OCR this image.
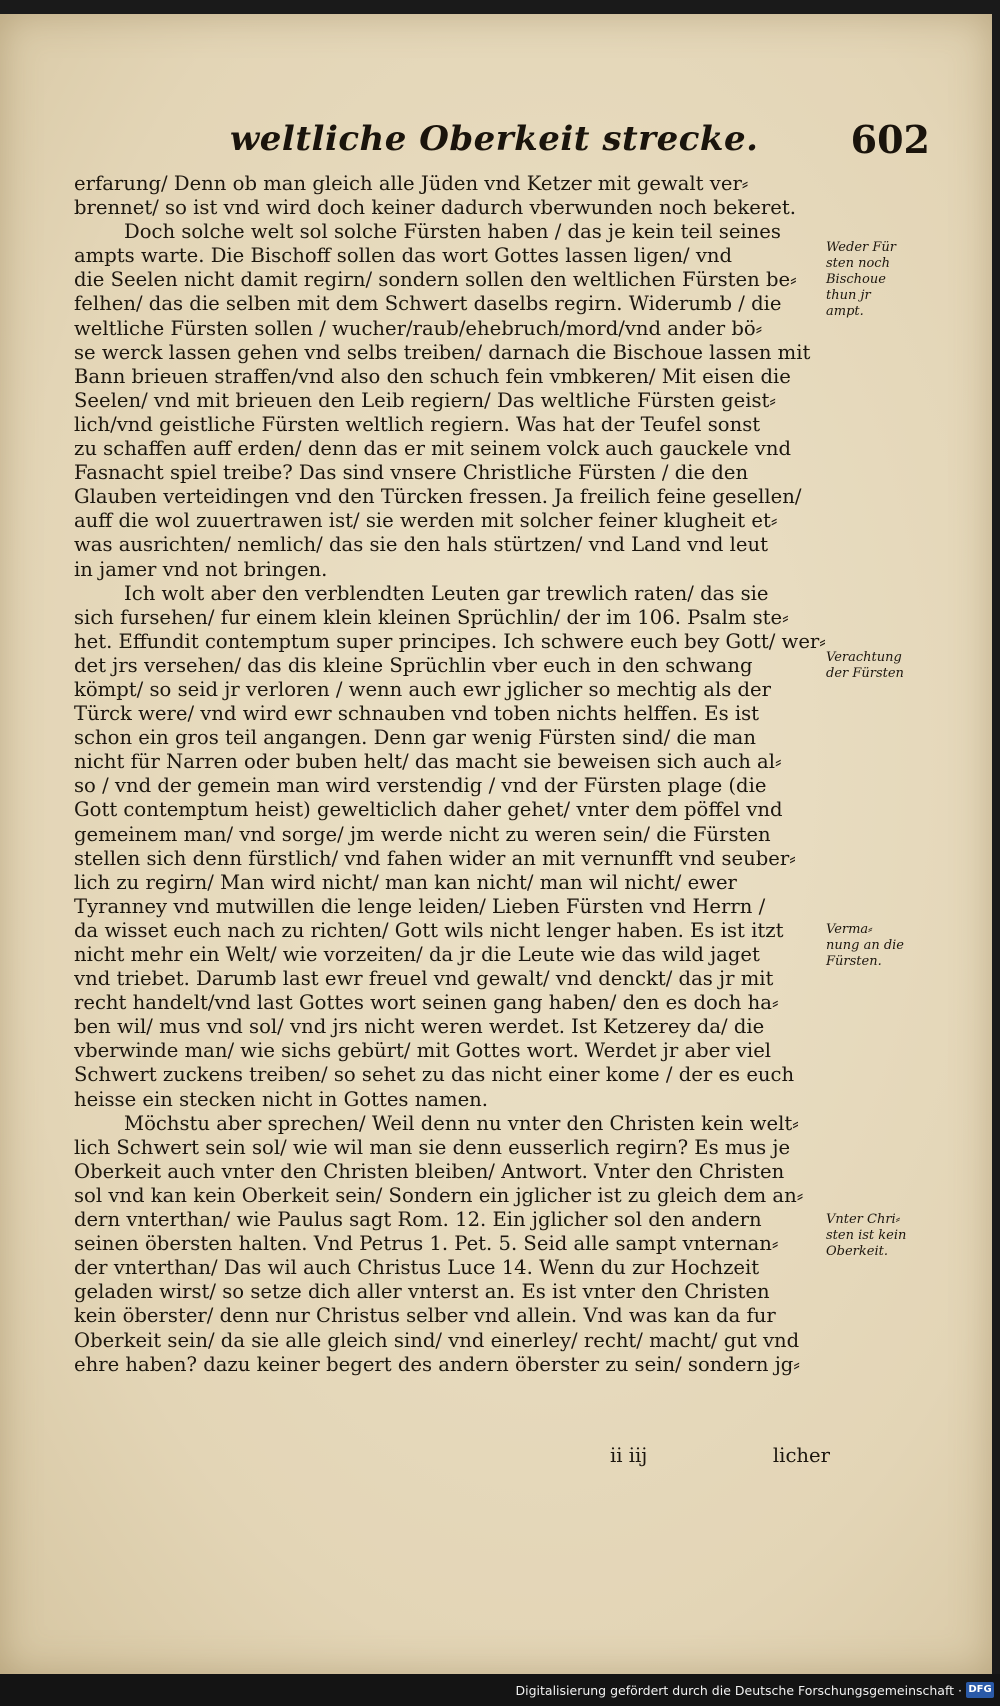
weltliche Oberkeit strecke. 602
erfarung/ Denn ob man gleich alle Jüden vnd Ketzer mit gewalt ver⸗
brennet/ so ist vnd wird doch keiner dadurch vberwunden noch bekeret.
Doch solche welt sol solche Fürsten haben / das je kein teil seines
ampts warte. Die Bischoff sollen das wort Gottes lassen ligen/ vnd
die Seelen nicht damit regirn/ sondern sollen den weltlichen Fürsten be⸗
felhen/ das die selben mit dem Schwert daselbs regirn. Widerumb / die
weltliche Fürsten sollen / wucher/raub/ehebruch/mord/vnd ander bö⸗
se werck lassen gehen vnd selbs treiben/ darnach die Bischoue lassen mit
Bann brieuen straffen/vnd also den schuch fein vmbkeren/ Mit eisen die
Seelen/ vnd mit brieuen den Leib regiern/ Das weltliche Fürsten geist⸗
lich/vnd geistliche Fürsten weltlich regiern. Was hat der Teufel sonst
zu schaffen auff erden/ denn das er mit seinem volck auch gauckele vnd
Fasnacht spiel treibe? Das sind vnsere Christliche Fürsten / die den
Glauben verteidingen vnd den Türcken fressen. Ja freilich feine gesellen/
auff die wol zuuertrawen ist/ sie werden mit solcher feiner klugheit et⸗
was ausrichten/ nemlich/ das sie den hals stürtzen/ vnd Land vnd leut
in jamer vnd not bringen.
Ich wolt aber den verblendten Leuten gar trewlich raten/ das sie
sich fursehen/ fur einem klein kleinen Sprüchlin/ der im 106. Psalm ste⸗
het. Effundit contemptum super principes. Ich schwere euch bey Gott/ wer⸗
det jrs versehen/ das dis kleine Sprüchlin vber euch in den schwang
kömpt/ so seid jr verloren / wenn auch ewr jglicher so mechtig als der
Türck were/ vnd wird ewr schnauben vnd toben nichts helffen. Es ist
schon ein gros teil angangen. Denn gar wenig Fürsten sind/ die man
nicht für Narren oder buben helt/ das macht sie beweisen sich auch al⸗
so / vnd der gemein man wird verstendig / vnd der Fürsten plage (die
Gott contemptum heist) gewelticlich daher gehet/ vnter dem pöffel vnd
gemeinem man/ vnd sorge/ jm werde nicht zu weren sein/ die Fürsten
stellen sich denn fürstlich/ vnd fahen wider an mit vernunfft vnd seuber⸗
lich zu regirn/ Man wird nicht/ man kan nicht/ man wil nicht/ ewer
Tyranney vnd mutwillen die lenge leiden/ Lieben Fürsten vnd Herrn /
da wisset euch nach zu richten/ Gott wils nicht lenger haben. Es ist itzt
nicht mehr ein Welt/ wie vorzeiten/ da jr die Leute wie das wild jaget
vnd triebet. Darumb last ewr freuel vnd gewalt/ vnd denckt/ das jr mit
recht handelt/vnd last Gottes wort seinen gang haben/ den es doch ha⸗
ben wil/ mus vnd sol/ vnd jrs nicht weren werdet. Ist Ketzerey da/ die
vberwinde man/ wie sichs gebürt/ mit Gottes wort. Werdet jr aber viel
Schwert zuckens treiben/ so sehet zu das nicht einer kome / der es euch
heisse ein stecken nicht in Gottes namen.
Möchstu aber sprechen/ Weil denn nu vnter den Christen kein welt⸗
lich Schwert sein sol/ wie wil man sie denn eusserlich regirn? Es mus je
Oberkeit auch vnter den Christen bleiben/ Antwort. Vnter den Christen
sol vnd kan kein Oberkeit sein/ Sondern ein jglicher ist zu gleich dem an⸗
dern vnterthan/ wie Paulus sagt Rom. 12. Ein jglicher sol den andern
seinen öbersten halten. Vnd Petrus 1. Pet. 5. Seid alle sampt vnternan⸗
der vnterthan/ Das wil auch Christus Luce 14. Wenn du zur Hochzeit
geladen wirst/ so setze dich aller vnterst an. Es ist vnter den Christen
kein öberster/ denn nur Christus selber vnd allein. Vnd was kan da fur
Oberkeit sein/ da sie alle gleich sind/ vnd einerley/ recht/ macht/ gut vnd
ehre haben? dazu keiner begert des andern öberster zu sein/ sondern jg⸗
ii iij	licher
Weder Für
sten noch
Bischoue
thun jr
ampt.
Verachtung
der Fürsten
Verma⸗
nung an die
Fürsten.
Vnter Chri⸗
sten ist kein
Oberkeit.
Digitalisierung gefördert durch die Deutsche Forschungsgemeinschaft · DFG
